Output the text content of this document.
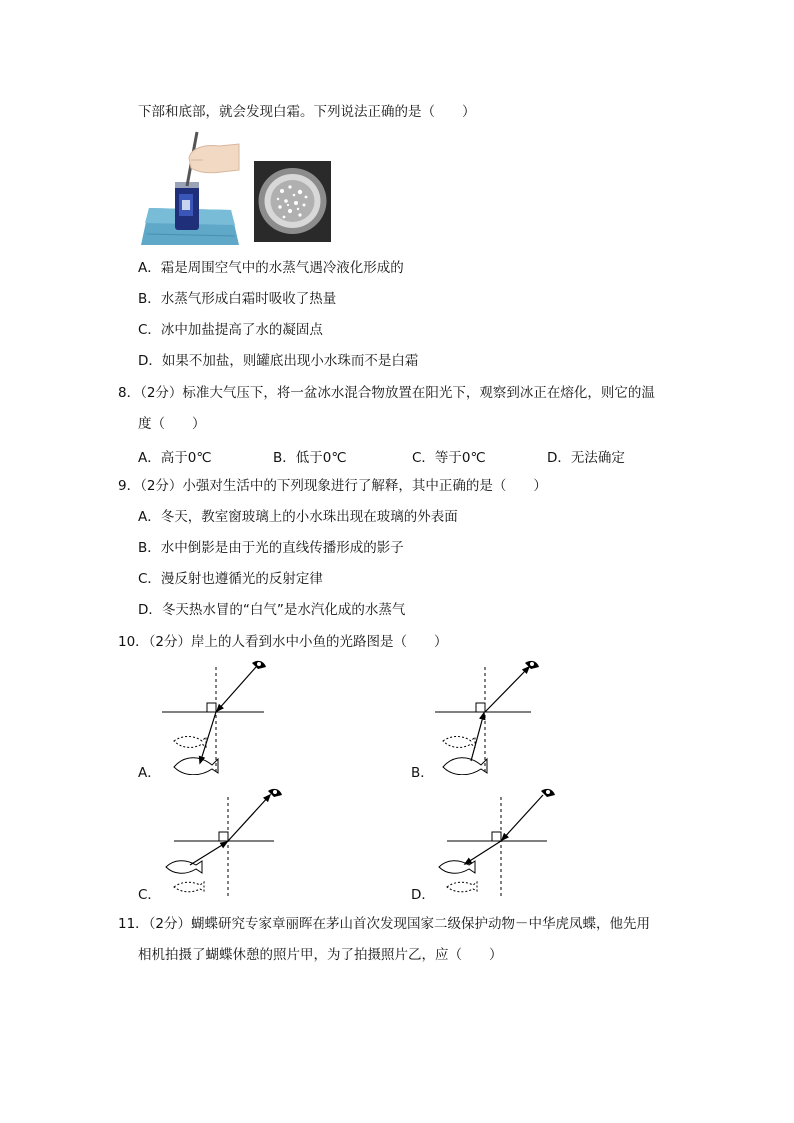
下部和底部，就会发现白霜。下列说法正确的是（　　）
A．霜是周围空气中的水蒸气遇冷液化形成的
B．水蒸气形成白霜时吸收了热量
C．冰中加盐提高了水的凝固点
D．如果不加盐，则罐底出现小水珠而不是白霜
8．（2分）标准大气压下，将一盆冰水混合物放置在阳光下，观察到冰正在熔化，则它的温
度（　　）
A．高于0℃	B．低于0℃	C．等于0℃	D．无法确定
9．（2分）小强对生活中的下列现象进行了解释，其中正确的是（　　）
A．冬天，教室窗玻璃上的小水珠出现在玻璃的外表面
B．水中倒影是由于光的直线传播形成的影子
C．漫反射也遵循光的反射定律
D．冬天热水冒的“白气”是水汽化成的水蒸气
10．（2分）岸上的人看到水中小鱼的光路图是（　　）
A．	B．
C．	D．
11．（2分）蝴蝶研究专家章丽晖在茅山首次发现国家二级保护动物－中华虎凤蝶，他先用
相机拍摄了蝴蝶休憩的照片甲，为了拍摄照片乙，应（　　）
